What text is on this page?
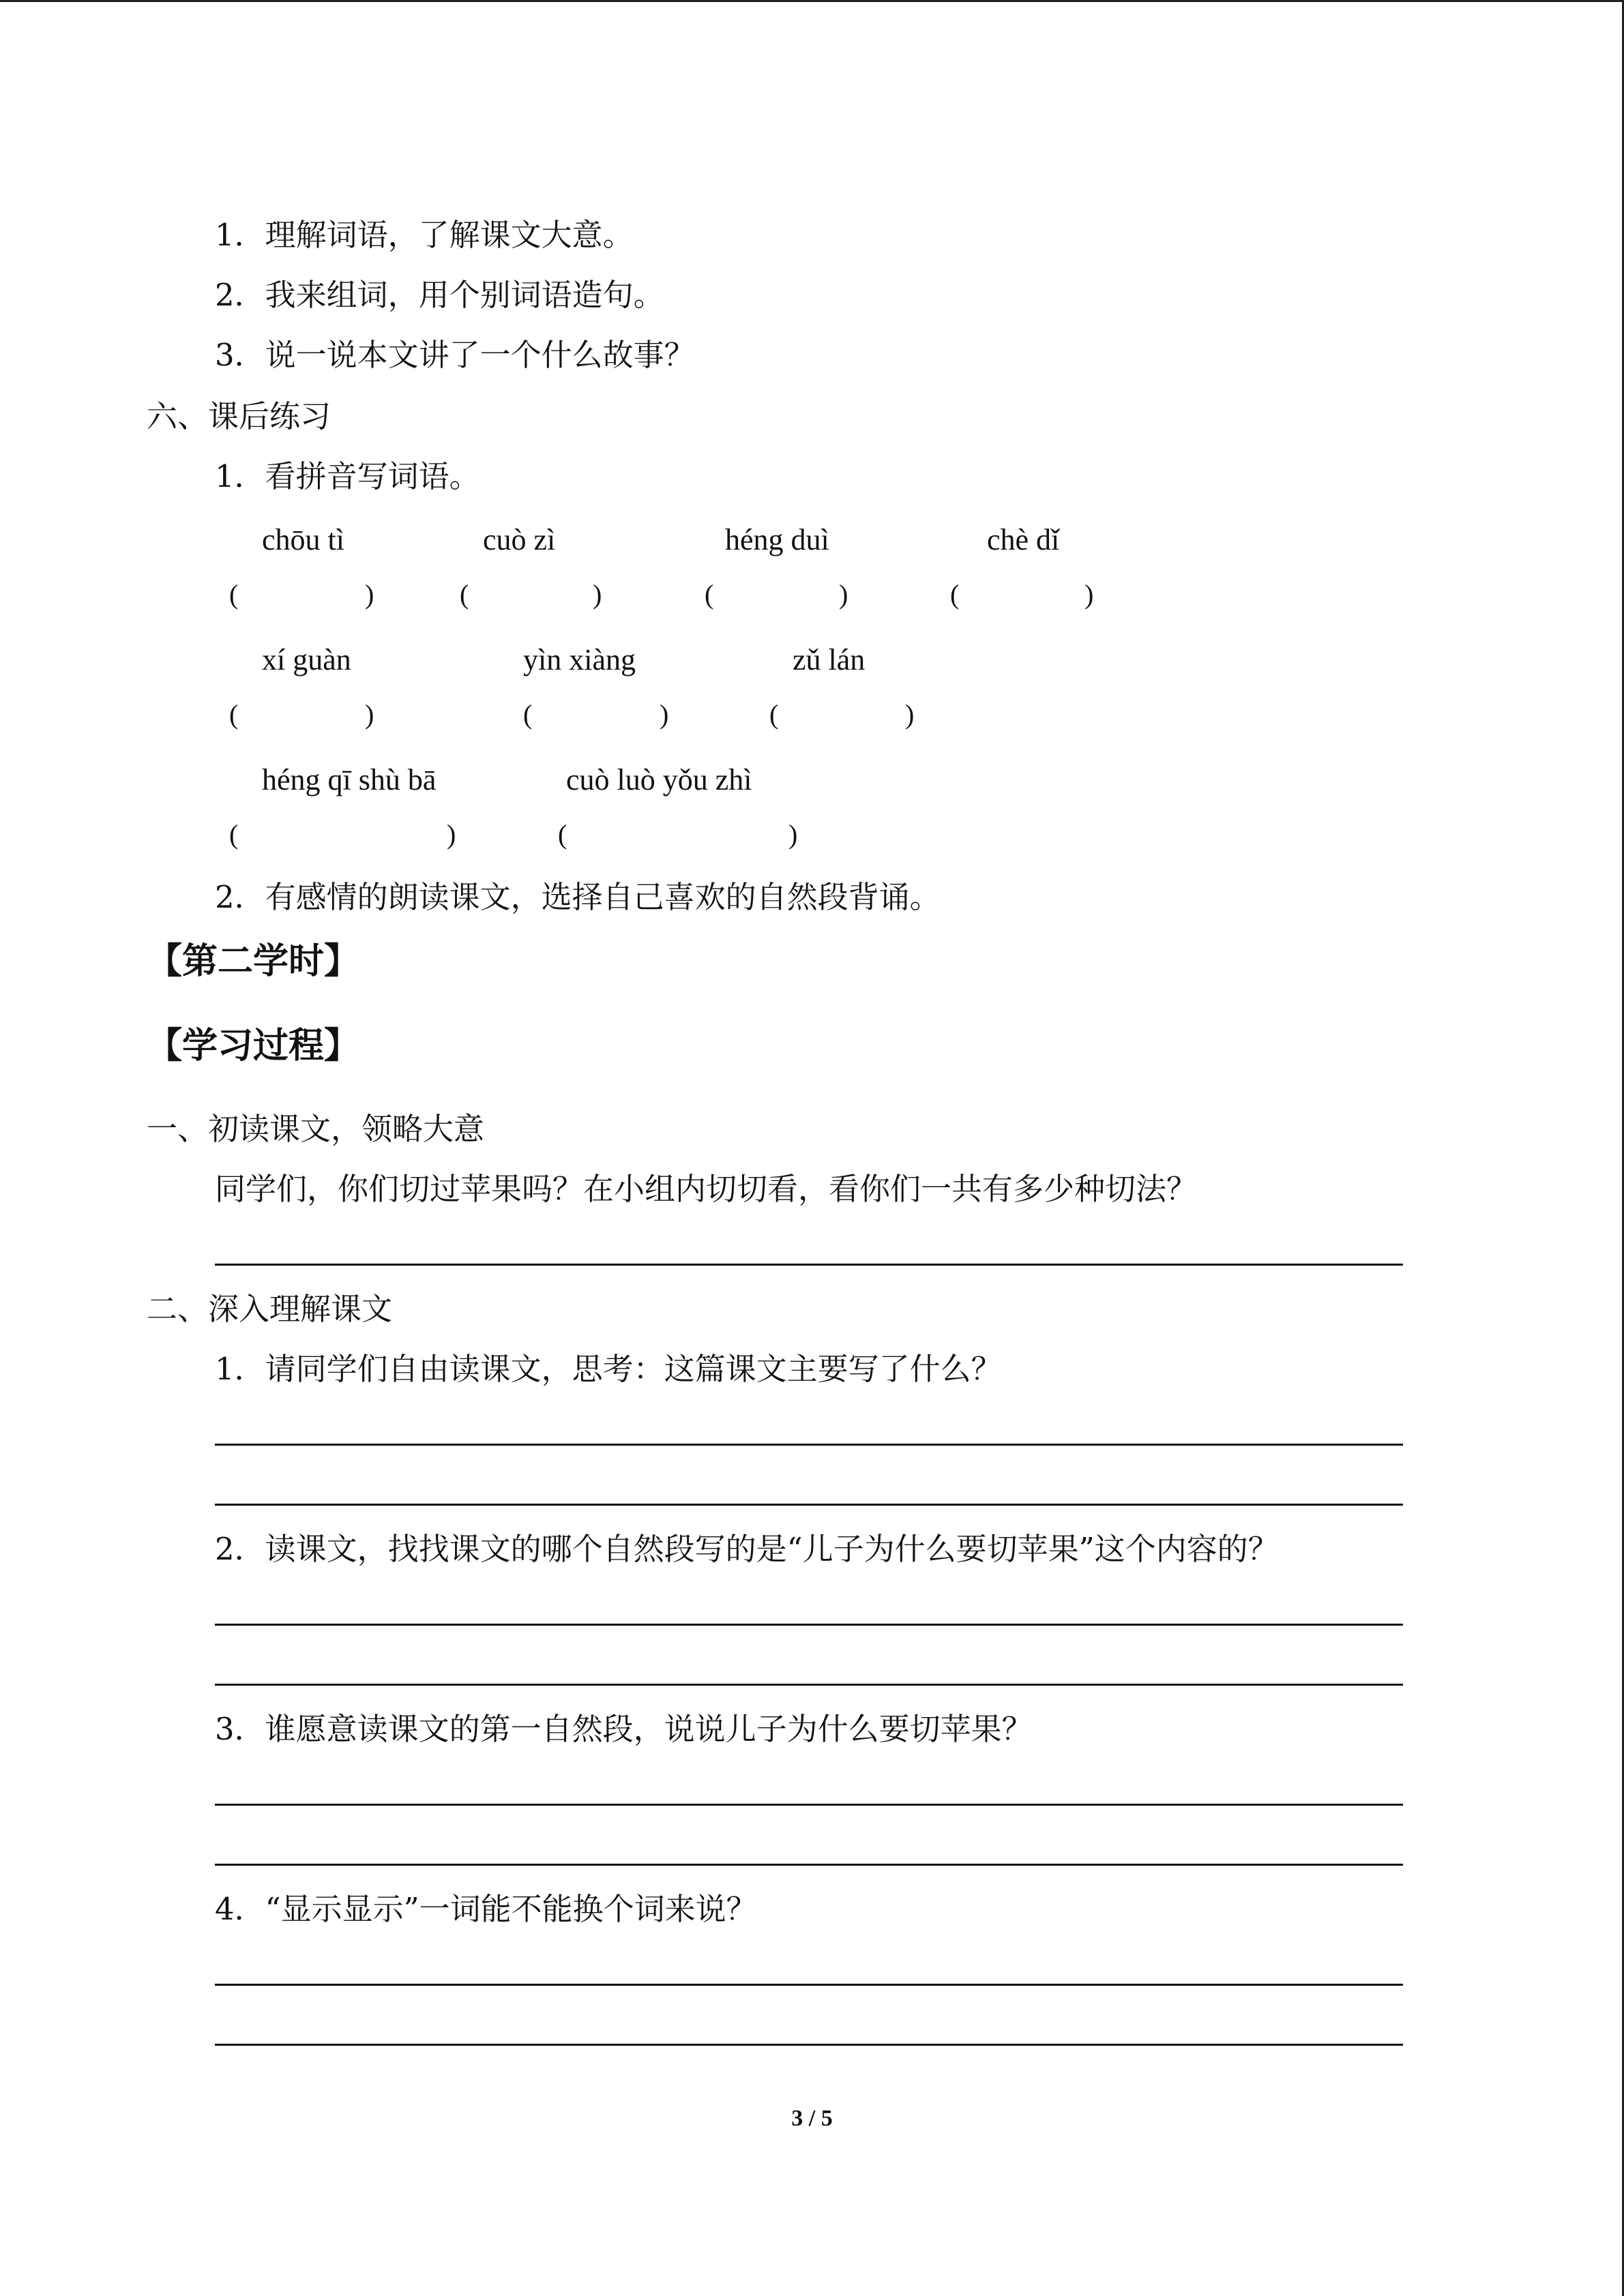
1．理解词语，了解课文大意。
2．我来组词，用个别词语造句。
3．说一说本文讲了一个什么故事？
六、课后练习
1．看拼音写词语。
chōu tì	cuò zì	héng duì	chè dǐ
(	)	(	)	(	)	(	)
xí guàn	yìn xiàng	zǔ lán
(	)	(	)	(	)
héng qī shù bā	cuò luò yǒu zhì
(	)	(	)
2．有感情的朗读课文，选择自己喜欢的自然段背诵。
【第二学时】
【学习过程】
一、初读课文，领略大意
同学们，你们切过苹果吗？在小组内切切看，看你们一共有多少种切法？
二、深入理解课文
1．请同学们自由读课文，思考：这篇课文主要写了什么？
2．读课文，找找课文的哪个自然段写的是“儿子为什么要切苹果”这个内容的？
3．谁愿意读课文的第一自然段，说说儿子为什么要切苹果？
4．“显示显示”一词能不能换个词来说？
3 / 5
